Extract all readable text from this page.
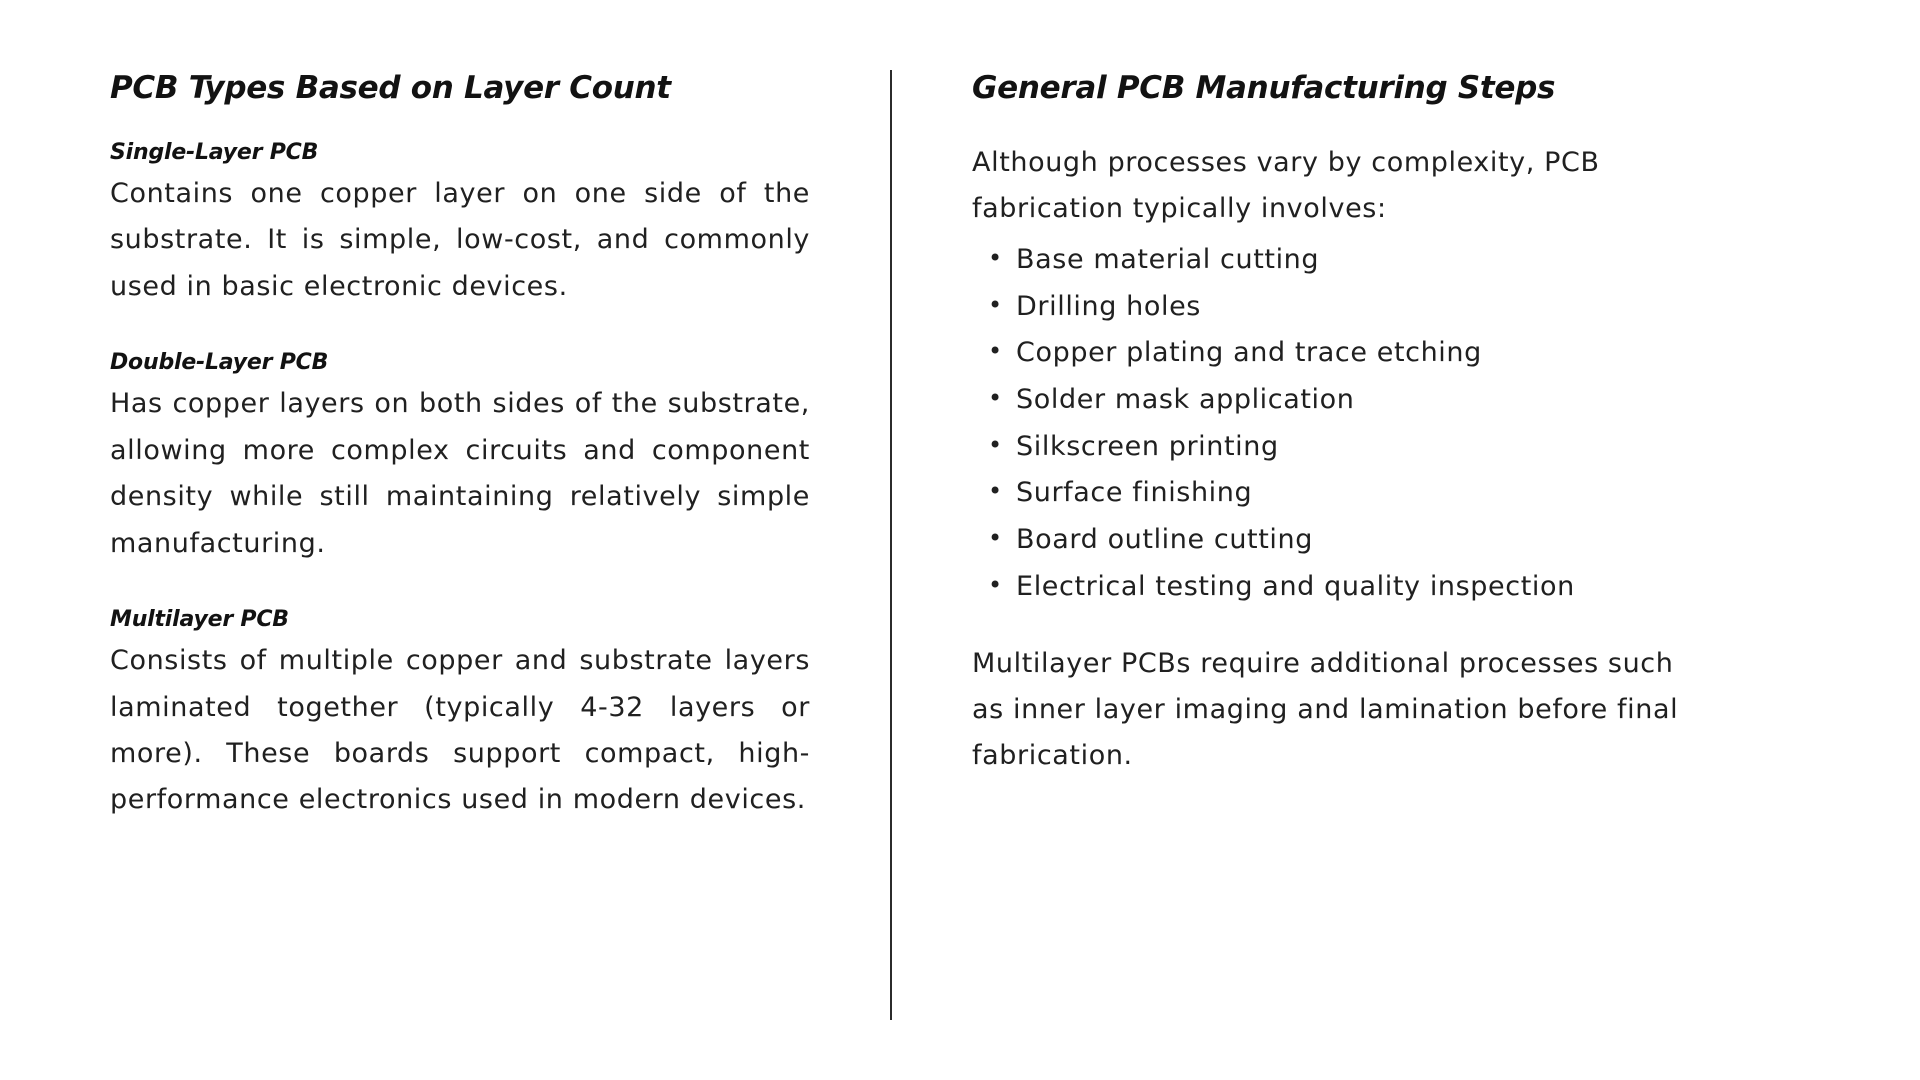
PCB Types Based on Layer Count
Single-Layer PCB

Contains one copper layer on one side of the substrate. It is simple, low-cost, and commonly used in basic electronic devices.

Double-Layer PCB

Has copper layers on both sides of the substrate, allowing more complex circuits and component density while still maintaining relatively simple manufacturing.

Multilayer PCB

Consists of multiple copper and substrate layers laminated together (typically 4-32 layers or more). These boards support compact, high-performance electronics used in modern devices.

General PCB Manufacturing Steps

Although processes vary by complexity, PCB fabrication typically involves:

• Base material cutting
• Drilling holes
• Copper plating and trace etching
• Solder mask application
• Silkscreen printing
• Surface finishing
• Board outline cutting
• Electrical testing and quality inspection

Multilayer PCBs require additional processes such as inner layer imaging and lamination before final fabrication.
